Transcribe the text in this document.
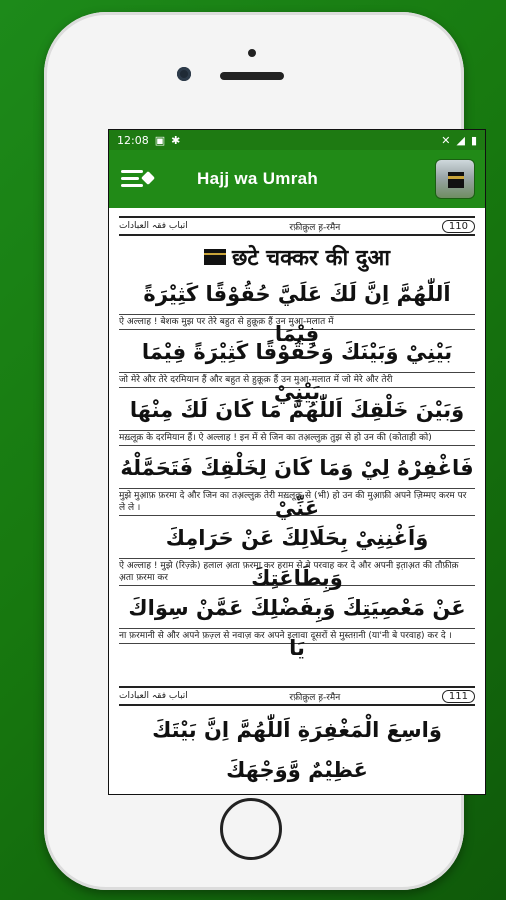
12:08 ▣ ✱	✕ ◢ ▮
Hajj wa Umrah
اتباب فقہ العبادات	रफ़ीक़ुल ह़-रमैन	110
छटे चक्कर की दुआ
اَللّٰهُمَّ اِنَّ لَكَ عَلَيَّ حُقُوْقًا كَثِيْرَةً فِيْمَا
ऐ अल्लाह ! बेशक मुझ पर तेरे बहुत से हुक़ूक़ हैं उन मुआ-मलात में
بَيْنِيْ وَبَيْنَكَ وَحُقُوْقًا كَثِيْرَةً فِيْمَا بَيْنِيْ
जो मेरे और तेरे दरमियान हैं और बहुत से हुक़ूक़ हैं उन मुआ-मलात में जो मेरे और तेरी
وَبَيْنَ خَلْقِكَ اَللّٰهُمَّ مَا كَانَ لَكَ مِنْهَا
मख़्लूक़ के दरमियान हैं। ऐ अल्लाह ! इन में से जिन का तअ़ल्लुक़ तुझ से हो उन की (कोताही को)
فَاغْفِرْهُ لِيْ وَمَا كَانَ لِخَلْقِكَ فَتَحَمَّلْهُ عَنِّيْ
मुझे मुआ़फ़ फ़रमा दे और जिन का तअ़ल्लुक़ तेरी मख़्लूक़ से (भी) हो उन की मुआ़फ़ी अपने ज़िम्मए करम पर ले ले ।
وَاَغْنِنِيْ بِحَلَالِكَ عَنْ حَرَامِكَ وَبِطَاعَتِكَ
ऐ अल्लाह ! मुझे (रिज़्क़े) हलाल अ़ता फ़रमा कर हराम से बे परवाह कर दे और अपनी इत़ाअ़त की तौफ़ीक़ अ़ता फ़रमा कर
عَنْ مَعْصِيَتِكَ وَبِفَضْلِكَ عَمَّنْ سِوَاكَ يَا
ना फ़रमानी से और अपने फ़ज़्ल से नवाज़ कर अपने इलावा दूसरों से मुस्तग़नी (या'नी बे परवाह) कर दे ।
اتباب فقہ العبادات	रफ़ीक़ुल ह़-रमैन	111
وَاسِعَ الْمَغْفِرَةِ اَللّٰهُمَّ اِنَّ بَيْتَكَ عَظِيْمٌ وَّوَجْهَكَ
